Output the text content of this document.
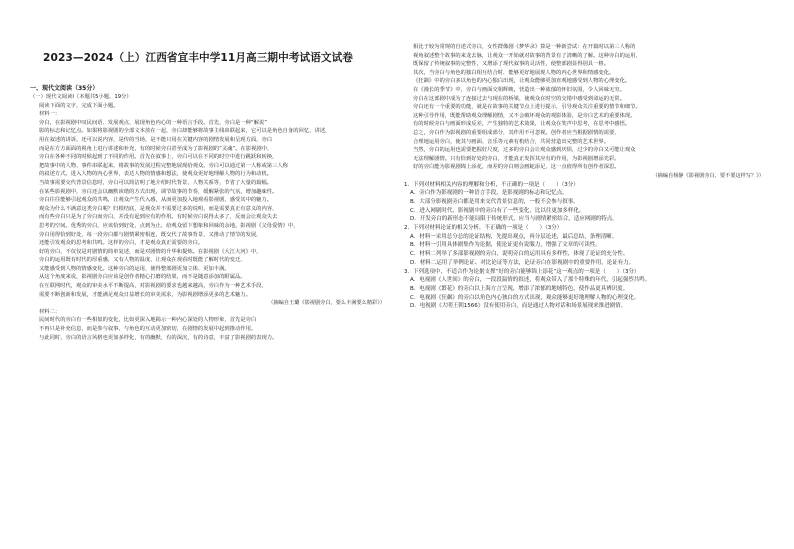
2023—2024（上）江西省宜丰中学11月高三期中考试语文试卷

一、现代文阅读（35分）

（一）现代文阅读I（本题共5小题，19分）

阅读下面的文字，完成下面小题。

材料一：

旁白，在影视剧中叹民间语、发展观点、展现角色内心的一种语言手段。首先，旁白是一种“解说”

影的标志和记忆点。如果将影视剧的全部文本放在一起，旁白却能够将故事主线串联起来，它可以是角色自身的回忆、讲述，

用在叙述的讲诉，还可以说内容，是传的当场，是不能只用在关键内容的剧情发展和呈现方面，旁白

而是在方方面面的视角上进行讲述和补充，有的时候旁白甚至成为了影视剧的“灵魂”。在影视剧中，

旁白在各种不同的时候起到了不同的作用。首先在叙事上，旁白可以在不同的时空中进行跳跃和转换，

把故事中的人物、事件串联起来，将故事的发展过程完整地展现给观众。旁白可以通过第一人称或第三人称

的叙述方式，进入人物的内心世界，表达人物的情感和想法，使观众更好地理解人物的行为和动机。

当故事需要交代背景信息时，旁白可以简洁明了地介绍时代背景、人物关系等，节省了大量的篇幅。

在某些影视剧中，旁白还会以幽默诙谐的方式出现，调节故事的节奏，缓解紧张的气氛，增加趣味性。

旁白往往能够引起观众的共鸣，让观众产生代入感，从而更加投入地观看影视剧，感受其中的魅力。

观众为什么不满意这类旁白呢？归根结底，是观众并不需要过多的说明，而是需要真正有意义的内容，

而有些旁白只是为了旁白而旁白，并没有起到应有的作用。有时候旁白说得太多了，反而会让观众失去

思考的空间。优秀的旁白，应该恰到好处，点到为止，给观众留下想象和回味的余地。影视剧《父母爱情》中，

旁白用得恰到好处，每一段旁白都与剧情紧密相连，既交代了故事背景，又推动了情节的发展，

还能引发观众的思考和共鸣。这样的旁白，才是观众真正需要的旁白。

好的旁白，不仅仅是对剧情的简单复述，而是对剧情的升华和提炼。在影视剧《大江大河》中，

旁白的运用既有时代的厚重感，又有人物的温度，让观众在观看时既能了解时代的变迁，

又能感受到人物的情感变化。这种旁白的运用，使得整部剧更加立体、更加丰满。

从这个角度来说，影视剧旁白应该是创作者精心打磨的结果，而不是随意添加的附属品。

在互联网时代，观众的审美水平不断提高，对影视剧的要求也越来越高，旁白作为一种艺术手段，

需要不断创新和发展，才能满足观众日益增长的审美需求，为影视剧增添更多的艺术魅力。

（摘编自王璐《影视剧旁白，要么丰满要么精彩》）

材料二：

民间时代的旁白有一些相似的变化，比如更深入地揭示一种内心深处的人物形象，首先是旁白

不再只是补充信息，而是参与叙事，与角色的互动更加密切，在剧情的发展中起到推动作用。

与此同时，旁白的语言风格也更加多样化，有的幽默，有的深沉，有的诗意，丰富了影视剧的表现力。

相比于较为常规的自述式旁白，女性群像剧《梦华录》算是一种新尝试：在开篇时以第三人称的

视角叙述整个故事的来龙去脉，让观众一开始就对故事的背景有了清晰的了解。这种旁白的运用，

既保留了传统叙事的完整性，又增添了现代叙事的灵活性，使整部剧显得别具一格。

其次，当旁白与角色的独白相互结合时，能够更好地展现人物的内心世界和情感变化。

《狂飙》中的旁白多以角色的内心独白出现，让观众能够更加直观地感受到人物的心理变化。

在《漫长的季节》中，旁白与画面交相辉映，营造出一种浓郁的怀旧氛围，令人回味无穷。

旁白在这部剧中成为了连接过去与现在的桥梁，使观众在时空的交错中感受到命运的无常。

旁白还有一个重要的功能，就是在故事的关键节点上进行提示，引导观众关注重要的情节和细节。

这种引导作用，既能帮助观众理解剧情，又不会破坏观众的观影体验，是旁白艺术的重要体现。

有的时候旁白与画面形成反差，产生独特的艺术效果，让观众在笑声中思考，在思考中感悟。

总之，旁白作为影视剧的重要组成部分，其作用不可忽视。创作者应当根据剧情的需要，

合理地运用旁白，使其与画面、音乐等元素有机结合，共同营造出完整的艺术世界。

当然，旁白的运用也需要把握好尺度，过多的旁白会让观众感到厌烦，过少的旁白又可能让观众

无法理解剧情。只有恰到好处的旁白，才能真正发挥其应有的作用，为影视剧增添光彩。

好的旁白能为影视剧锦上添花，而差的旁白则会画蛇添足，这一点值得所有创作者深思。

（摘编自杨静《影视剧旁白，要不要这样写？》）

1．下列对材料相关内容的理解和分析，不正确的一项是（　　）（3分）

A．旁白作为影视剧的一种语言手段，是影视剧的标志和记忆点。

B．大部分影视剧旁白都是用来交代背景信息的，一般不会参与叙事。

C．进入网剧时代，影视剧中的旁白有了一些变化，比以往更加多样化。

D．开发旁白的新形态不能局限于传统形式，应当与剧情紧密结合，适应网剧的特点。

2．下列对材料论证的相关分析，不正确的一项是（　　）（3分）

A．材料一采用总分总的论证结构，先提出观点，再分层论述，最后总结，条理清晰。

B．材料一引用具体剧集作为论据，使论证更有说服力，增强了文章的可读性。

C．材料二列举了多部影视剧的旁白，说明旁白的运用具有多样性，体现了论证的充分性。

D．材料二运用了举例论证、对比论证等方法，论证旁白在影视剧中的重要作用，论证有力。

3．下列选项中，不适合作为论据支撑“好的旁白能够锦上添花”这一观点的一项是（　　）（3分）

A．电视剧《人世间》的旁白，一段段温情的叙述，将观众带入了那个特殊的年代，引起强烈共鸣。

B．电视剧《繁花》的旁白以上海方言呈现，增添了浓郁的地域特色，使作品更具辨识度。

C．电视剧《狂飙》的旁白以角色内心独白的方式出现，观众能够更好地理解人物的心理变化。

D．电视剧《大明王朝1566》没有使用旁白，而是通过人物对话和场景展现来推进剧情。
